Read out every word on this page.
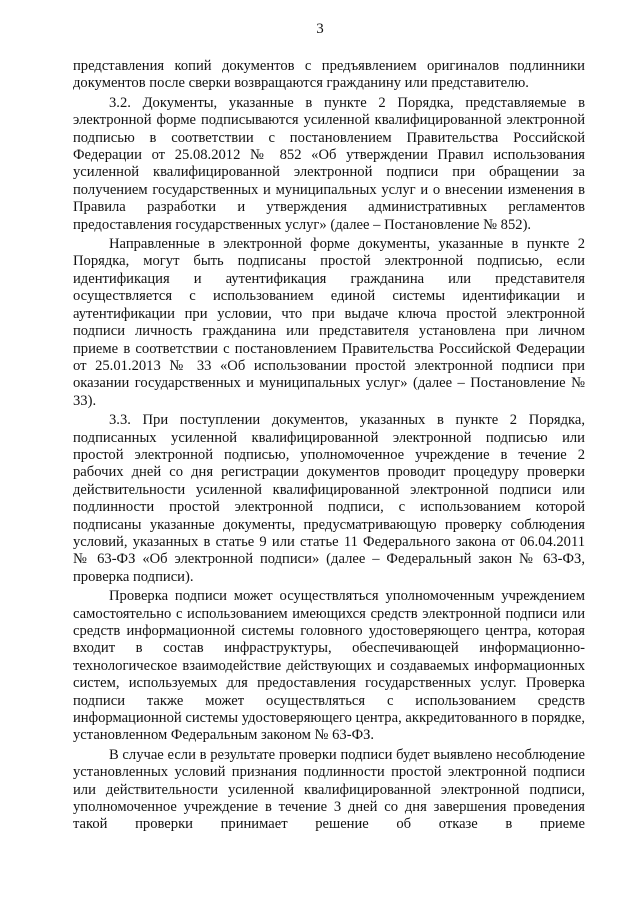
3

представления копий документов с предъявлением оригиналов подлинники документов после сверки возвращаются гражданину или представителю.

3.2. Документы, указанные в пункте 2 Порядка, представляемые в электронной форме подписываются усиленной квалифицированной электронной подписью в соответствии с постановлением Правительства Российской Федерации от 25.08.2012 № 852 «Об утверждении Правил использования усиленной квалифицированной электронной подписи при обращении за получением государственных и муниципальных услуг и о внесении изменения в Правила разработки и утверждения административных регламентов предоставления государственных услуг» (далее – Постановление № 852).

Направленные в электронной форме документы, указанные в пункте 2 Порядка, могут быть подписаны простой электронной подписью, если идентификация и аутентификация гражданина или представителя осуществляется с использованием единой системы идентификации и аутентификации при условии, что при выдаче ключа простой электронной подписи личность гражданина или представителя установлена при личном приеме в соответствии с постановлением Правительства Российской Федерации от 25.01.2013 № 33 «Об использовании простой электронной подписи при оказании государственных и муниципальных услуг» (далее – Постановление № 33).

3.3. При поступлении документов, указанных в пункте 2 Порядка, подписанных усиленной квалифицированной электронной подписью или простой электронной подписью, уполномоченное учреждение в течение 2 рабочих дней со дня регистрации документов проводит процедуру проверки действительности усиленной квалифицированной электронной подписи или подлинности простой электронной подписи, с использованием которой подписаны указанные документы, предусматривающую проверку соблюдения условий, указанных в статье 9 или статье 11 Федерального закона от 06.04.2011 № 63-ФЗ «Об электронной подписи» (далее – Федеральный закон № 63-ФЗ, проверка подписи).

Проверка подписи может осуществляться уполномоченным учреждением самостоятельно с использованием имеющихся средств электронной подписи или средств информационной системы головного удостоверяющего центра, которая входит в состав инфраструктуры, обеспечивающей информационно-технологическое взаимодействие действующих и создаваемых информационных систем, используемых для предоставления государственных услуг. Проверка подписи также может осуществляться с использованием средств информационной системы удостоверяющего центра, аккредитованного в порядке, установленном Федеральным законом № 63-ФЗ.

В случае если в результате проверки подписи будет выявлено несоблюдение установленных условий признания подлинности простой электронной подписи или действительности усиленной квалифицированной электронной подписи, уполномоченное учреждение в течение 3 дней со дня завершения проведения такой проверки принимает решение об отказе в приеме
